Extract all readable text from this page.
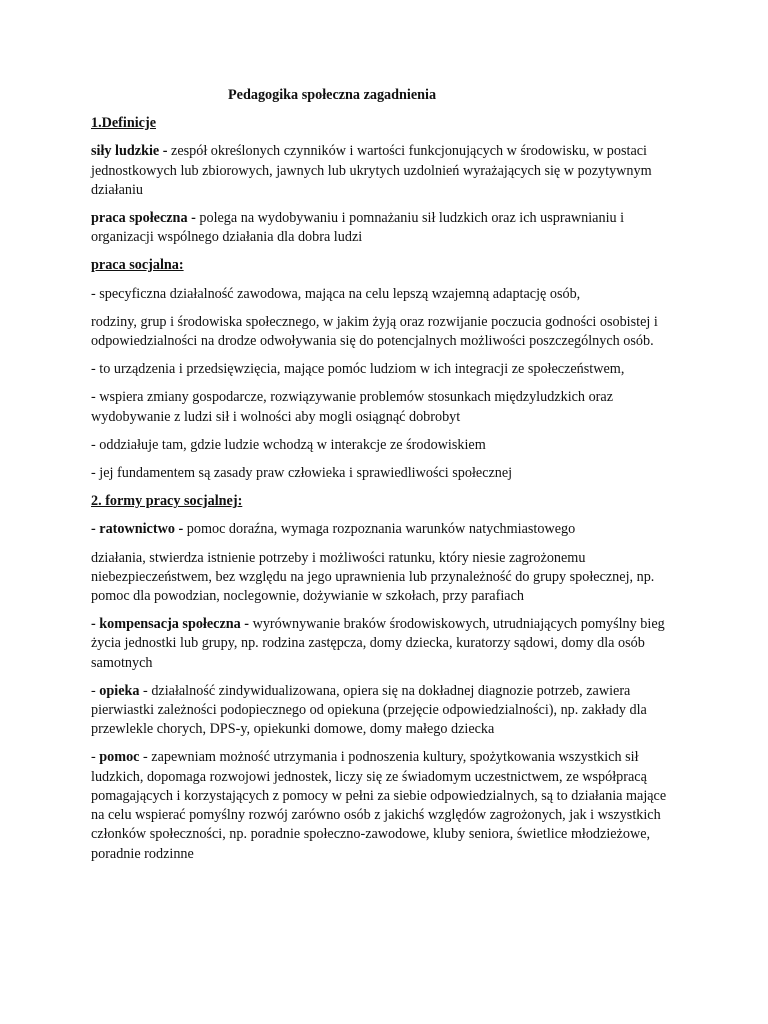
Pedagogika społeczna zagadnienia
1.Definicje

siły ludzkie - zespół określonych czynników i wartości funkcjonujących w środowisku, w postaci jednostkowych lub zbiorowych, jawnych lub ukrytych uzdolnień wyrażających się w pozytywnym działaniu

praca społeczna - polega na wydobywaniu i pomnażaniu sił ludzkich oraz ich usprawnianiu i organizacji wspólnego działania dla dobra ludzi

praca socjalna:

- specyficzna działalność zawodowa, mająca na celu lepszą wzajemną adaptację osób,

rodziny, grup i środowiska społecznego, w jakim żyją oraz rozwijanie poczucia godności osobistej i odpowiedzialności na drodze odwoływania się do potencjalnych możliwości poszczególnych osób.

- to urządzenia i przedsięwzięcia, mające pomóc ludziom w ich integracji ze społeczeństwem,

- wspiera zmiany gospodarcze, rozwiązywanie problemów stosunkach międzyludzkich oraz wydobywanie z ludzi sił i wolności aby mogli osiągnąć dobrobyt

- oddziałuje tam, gdzie ludzie wchodzą w interakcje ze środowiskiem

- jej fundamentem są zasady praw człowieka i sprawiedliwości społecznej

2. formy pracy socjalnej:

- ratownictwo - pomoc doraźna, wymaga rozpoznania warunków natychmiastowego

działania, stwierdza istnienie potrzeby i możliwości ratunku, który niesie zagrożonemu niebezpieczeństwem, bez względu na jego uprawnienia lub przynależność do grupy społecznej, np. pomoc dla powodzian, noclegownie, dożywianie w szkołach, przy parafiach

- kompensacja społeczna - wyrównywanie braków środowiskowych, utrudniających pomyślny bieg życia jednostki lub grupy, np. rodzina zastępcza, domy dziecka, kuratorzy sądowi, domy dla osób samotnych

- opieka - działalność zindywidualizowana, opiera się na dokładnej diagnozie potrzeb, zawiera pierwiastki zależności podopiecznego od opiekuna (przejęcie odpowiedzialności), np. zakłady dla przewlekle chorych, DPS-y, opiekunki domowe, domy małego dziecka

- pomoc - zapewniam możność utrzymania i podnoszenia kultury, spożytkowania wszystkich sił ludzkich, dopomaga rozwojowi jednostek, liczy się ze świadomym uczestnictwem, ze współpracą pomagających i korzystających z pomocy w pełni za siebie odpowiedzialnych, są to działania mające na celu wspierać pomyślny rozwój zarówno osób z jakichś względów zagrożonych, jak i wszystkich członków społeczności, np. poradnie społeczno-zawodowe, kluby seniora, świetlice młodzieżowe, poradnie rodzinne
